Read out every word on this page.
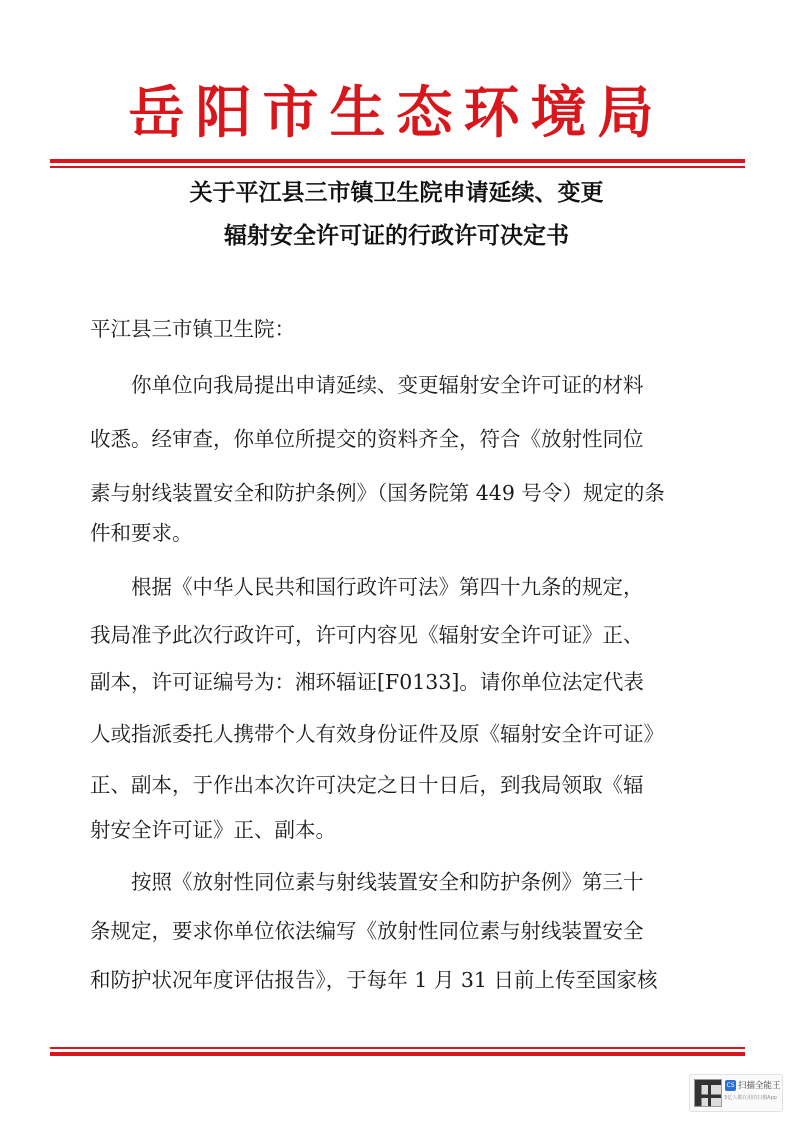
岳阳市生态环境局
关于平江县三市镇卫生院申请延续、变更
辐射安全许可证的行政许可决定书
平江县三市镇卫生院：
你单位向我局提出申请延续、变更辐射安全许可证的材料
收悉。经审查，你单位所提交的资料齐全，符合《放射性同位
素与射线装置安全和防护条例》（国务院第 449 号令）规定的条
件和要求。
根据《中华人民共和国行政许可法》第四十九条的规定，
我局准予此次行政许可，许可内容见《辐射安全许可证》正、
副本，许可证编号为：湘环辐证[F0133]。请你单位法定代表
人或指派委托人携带个人有效身份证件及原《辐射安全许可证》
正、副本，于作出本次许可决定之日十日后，到我局领取《辐
射安全许可证》正、副本。
按照《放射性同位素与射线装置安全和防护条例》第三十
条规定，要求你单位依法编写《放射性同位素与射线装置安全
和防护状况年度评估报告》，于每年 1 月 31 日前上传至国家核
CS 扫描全能王
3亿人都在用的扫描App
